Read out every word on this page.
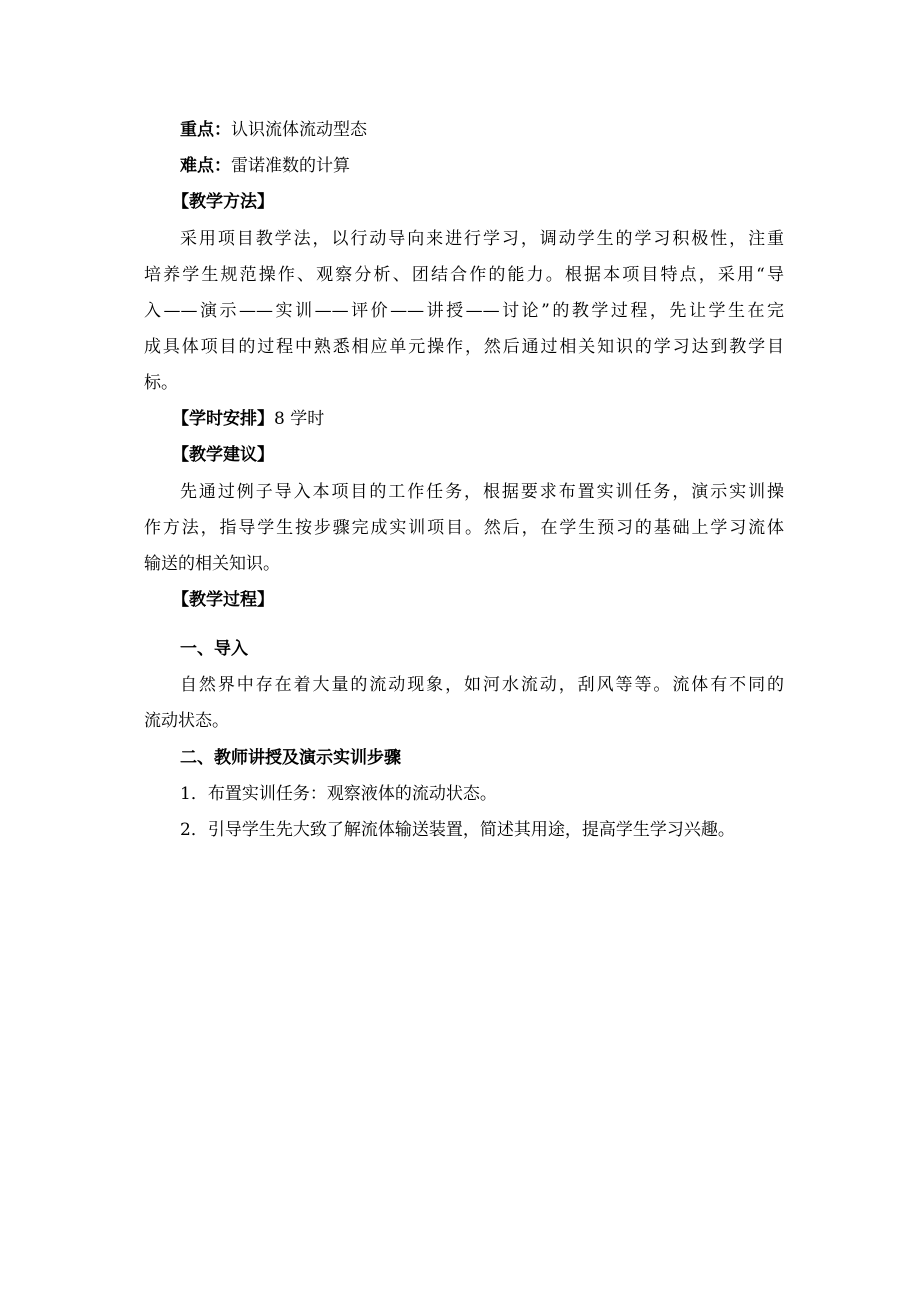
重点：认识流体流动型态
难点：雷诺准数的计算
【教学方法】
采用项目教学法，以行动导向来进行学习，调动学生的学习积极性，注重
培养学生规范操作、观察分析、团结合作的能力。根据本项目特点，采用“导
入——演示——实训——评价——讲授——讨论”的教学过程，先让学生在完
成具体项目的过程中熟悉相应单元操作，然后通过相关知识的学习达到教学目
标。
【学时安排】8 学时
【教学建议】
先通过例子导入本项目的工作任务，根据要求布置实训任务，演示实训操
作方法，指导学生按步骤完成实训项目。然后，在学生预习的基础上学习流体
输送的相关知识。
【教学过程】
一、导入
自然界中存在着大量的流动现象，如河水流动，刮风等等。流体有不同的
流动状态。
二、教师讲授及演示实训步骤
1．布置实训任务：观察液体的流动状态。
2．引导学生先大致了解流体输送装置，简述其用途，提高学生学习兴趣。
